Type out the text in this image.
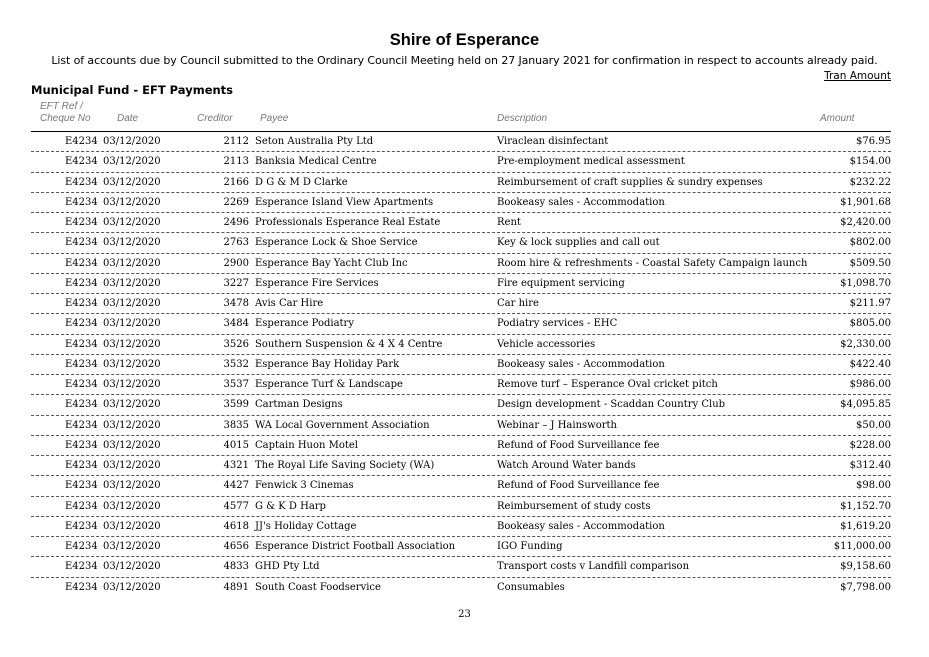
Shire of Esperance
List of accounts due by Council submitted to the Ordinary Council Meeting held on 27 January 2021 for confirmation in respect to accounts already paid.
Tran Amount
Municipal Fund - EFT Payments
EFT Ref /
Cheque No	Date	Creditor	Payee	Description	Amount
E4234 03/12/2020	2112 Seton Australia Pty Ltd	Viraclean disinfectant	$76.95
E4234 03/12/2020	2113 Banksia Medical Centre	Pre-employment medical assessment	$154.00
E4234 03/12/2020	2166 D G & M D Clarke	Reimbursement of craft supplies & sundry expenses	$232.22
E4234 03/12/2020	2269 Esperance Island View Apartments	Bookeasy sales - Accommodation	$1,901.68
E4234 03/12/2020	2496 Professionals Esperance Real Estate	Rent	$2,420.00
E4234 03/12/2020	2763 Esperance Lock & Shoe Service	Key & lock supplies and call out	$802.00
E4234 03/12/2020	2900 Esperance Bay Yacht Club Inc	Room hire & refreshments - Coastal Safety Campaign launch	$509.50
E4234 03/12/2020	3227 Esperance Fire Services	Fire equipment servicing	$1,098.70
E4234 03/12/2020	3478 Avis Car Hire	Car hire	$211.97
E4234 03/12/2020	3484 Esperance Podiatry	Podiatry services - EHC	$805.00
E4234 03/12/2020	3526 Southern Suspension & 4 X 4 Centre	Vehicle accessories	$2,330.00
E4234 03/12/2020	3532 Esperance Bay Holiday Park	Bookeasy sales - Accommodation	$422.40
E4234 03/12/2020	3537 Esperance Turf & Landscape	Remove turf – Esperance Oval cricket pitch	$986.00
E4234 03/12/2020	3599 Cartman Designs	Design development - Scaddan Country Club	$4,095.85
E4234 03/12/2020	3835 WA Local Government Association	Webinar – J Hainsworth	$50.00
E4234 03/12/2020	4015 Captain Huon Motel	Refund of Food Surveillance fee	$228.00
E4234 03/12/2020	4321 The Royal Life Saving Society (WA)	Watch Around Water bands	$312.40
E4234 03/12/2020	4427 Fenwick 3 Cinemas	Refund of Food Surveillance fee	$98.00
E4234 03/12/2020	4577 G & K D Harp	Reimbursement of study costs	$1,152.70
E4234 03/12/2020	4618 JJ's Holiday Cottage	Bookeasy sales - Accommodation	$1,619.20
E4234 03/12/2020	4656 Esperance District Football Association	IGO Funding	$11,000.00
E4234 03/12/2020	4833 GHD Pty Ltd	Transport costs v Landfill comparison	$9,158.60
E4234 03/12/2020	4891 South Coast Foodservice	Consumables	$7,798.00
23
